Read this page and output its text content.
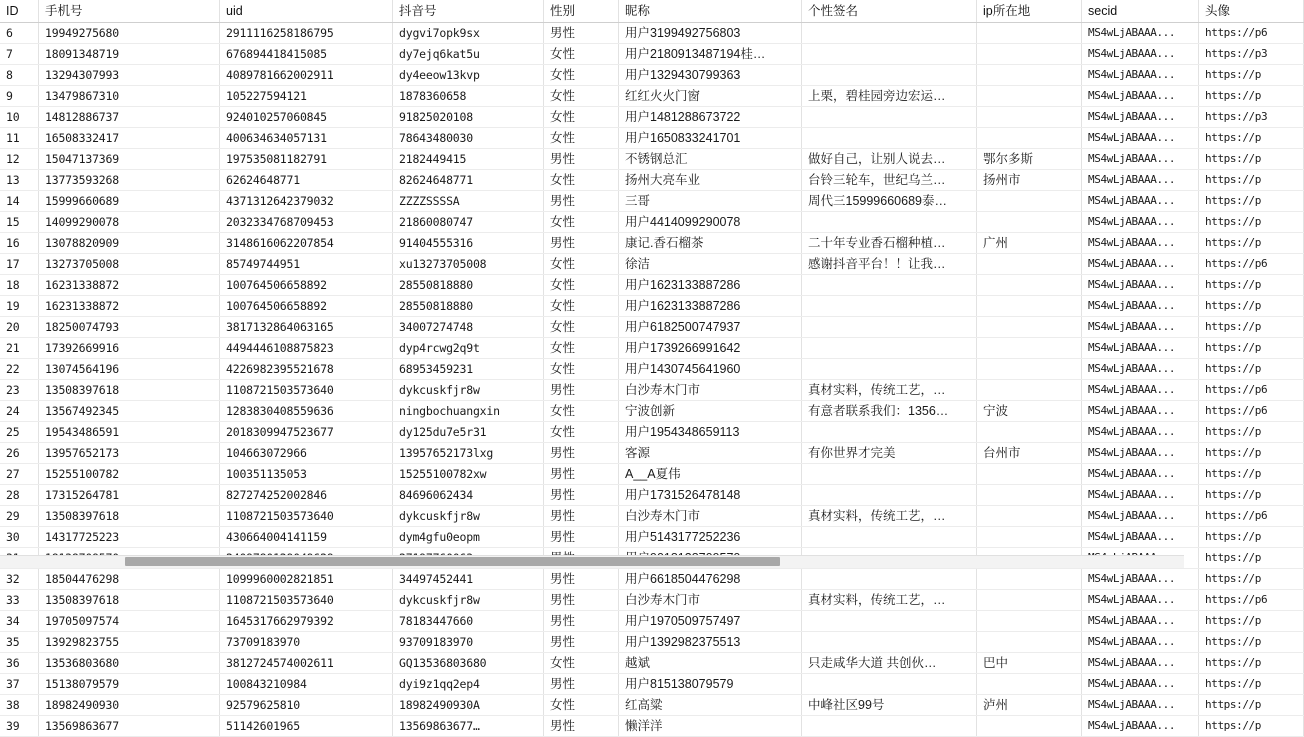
ID	手机号	uid	抖音号	性别	昵称	个性签名	ip所在地	secid	头像
6	19949275680	2911116258186795	dygvi7opk9sx	男性	用户3199492756803			MS4wLjABAAA...	https://p6
7	18091348719	676894418415085	dy7ejq6kat5u	女性	用户2180913487194桂…			MS4wLjABAAA...	https://p3
8	13294307993	4089781662002911	dy4eeow13kvp	女性	用户1329430799363			MS4wLjABAAA...	https://p
9	13479867310	105227594121	1878360658	女性	红红火火门窗	上栗，碧桂园旁边宏运…		MS4wLjABAAA...	https://p
10	14812886737	924010257060845	91825020108	女性	用户1481288673722			MS4wLjABAAA...	https://p3
11	16508332417	400634634057131	78643480030	女性	用户1650833241701			MS4wLjABAAA...	https://p
12	15047137369	197535081182791	2182449415	男性	不锈钢总汇	做好自己，让别人说去…	鄂尔多斯	MS4wLjABAAA...	https://p
13	13773593268	62624648771	82624648771	女性	扬州大亮车业	台铃三轮车，世纪乌兰…	扬州市	MS4wLjABAAA...	https://p
14	15999660689	4371312642379032	ZZZZSSSSA	男性	三哥	周代三15999660689泰…		MS4wLjABAAA...	https://p
15	14099290078	2032334768709453	21860080747	女性	用户4414099290078			MS4wLjABAAA...	https://p
16	13078820909	3148616062207854	91404555316	男性	康记.香石榴茶	二十年专业香石榴种植…	广州	MS4wLjABAAA...	https://p
17	13273705008	85749744951	xu13273705008	女性	徐洁	感谢抖音平台！！让我…		MS4wLjABAAA...	https://p6
18	16231338872	100764506658892	28550818880	女性	用户1623133887286			MS4wLjABAAA...	https://p
19	16231338872	100764506658892	28550818880	女性	用户1623133887286			MS4wLjABAAA...	https://p
20	18250074793	3817132864063165	34007274748	女性	用户6182500747937			MS4wLjABAAA...	https://p
21	17392669916	4494446108875823	dyp4rcwg2q9t	女性	用户1739266991642			MS4wLjABAAA...	https://p
22	13074564196	4226982395521678	68953459231	女性	用户1430745641960			MS4wLjABAAA...	https://p
23	13508397618	1108721503573640	dykcuskfjr8w	男性	白沙寿木门市	真材实料，传统工艺，…		MS4wLjABAAA...	https://p6
24	13567492345	1283830408559636	ningbochuangxin	女性	宁波创新	有意者联系我们：1356…	宁波	MS4wLjABAAA...	https://p6
25	19543486591	2018309947523677	dy125du7e5r31	女性	用户1954348659113			MS4wLjABAAA...	https://p
26	13957652173	104663072966	13957652173lxg	男性	客源	有你世界才完美	台州市	MS4wLjABAAA...	https://p
27	15255100782	100351135053	15255100782xw	男性	A__A夏伟			MS4wLjABAAA...	https://p
28	17315264781	827274252002846	84696062434	男性	用户1731526478148			MS4wLjABAAA...	https://p
29	13508397618	1108721503573640	dykcuskfjr8w	男性	白沙寿木门市	真材实料，传统工艺，…		MS4wLjABAAA...	https://p6
30	14317725223	430664004141159	dym4gfu0eopm	男性	用户5143177252236			MS4wLjABAAA...	https://p
									https://p
32	18504476298	1099960002821851	34497452441	男性	用户6618504476298			MS4wLjABAAA...	https://p
33	13508397618	1108721503573640	dykcuskfjr8w	男性	白沙寿木门市	真材实料，传统工艺，…		MS4wLjABAAA...	https://p6
34	19705097574	1645317662979392	78183447660	男性	用户1970509757497			MS4wLjABAAA...	https://p
35	13929823755	73709183970	93709183970	男性	用户1392982375513			MS4wLjABAAA...	https://p
36	13536803680	3812724574002611	GQ13536803680	女性	越斌	只走咸华大道 共创伙…	巴中	MS4wLjABAAA...	https://p
37	15138079579	100843210984	dyi9z1qq2ep4	男性	用户815138079579			MS4wLjABAAA...	https://p
38	18982490930	92579625810	18982490930A	女性	红高粱	中峰社区99号	泸州	MS4wLjABAAA...	https://p
39	13569863677	51142601965	13569863677…	男性	懒洋洋			MS4wLjABAAA...	https://p
